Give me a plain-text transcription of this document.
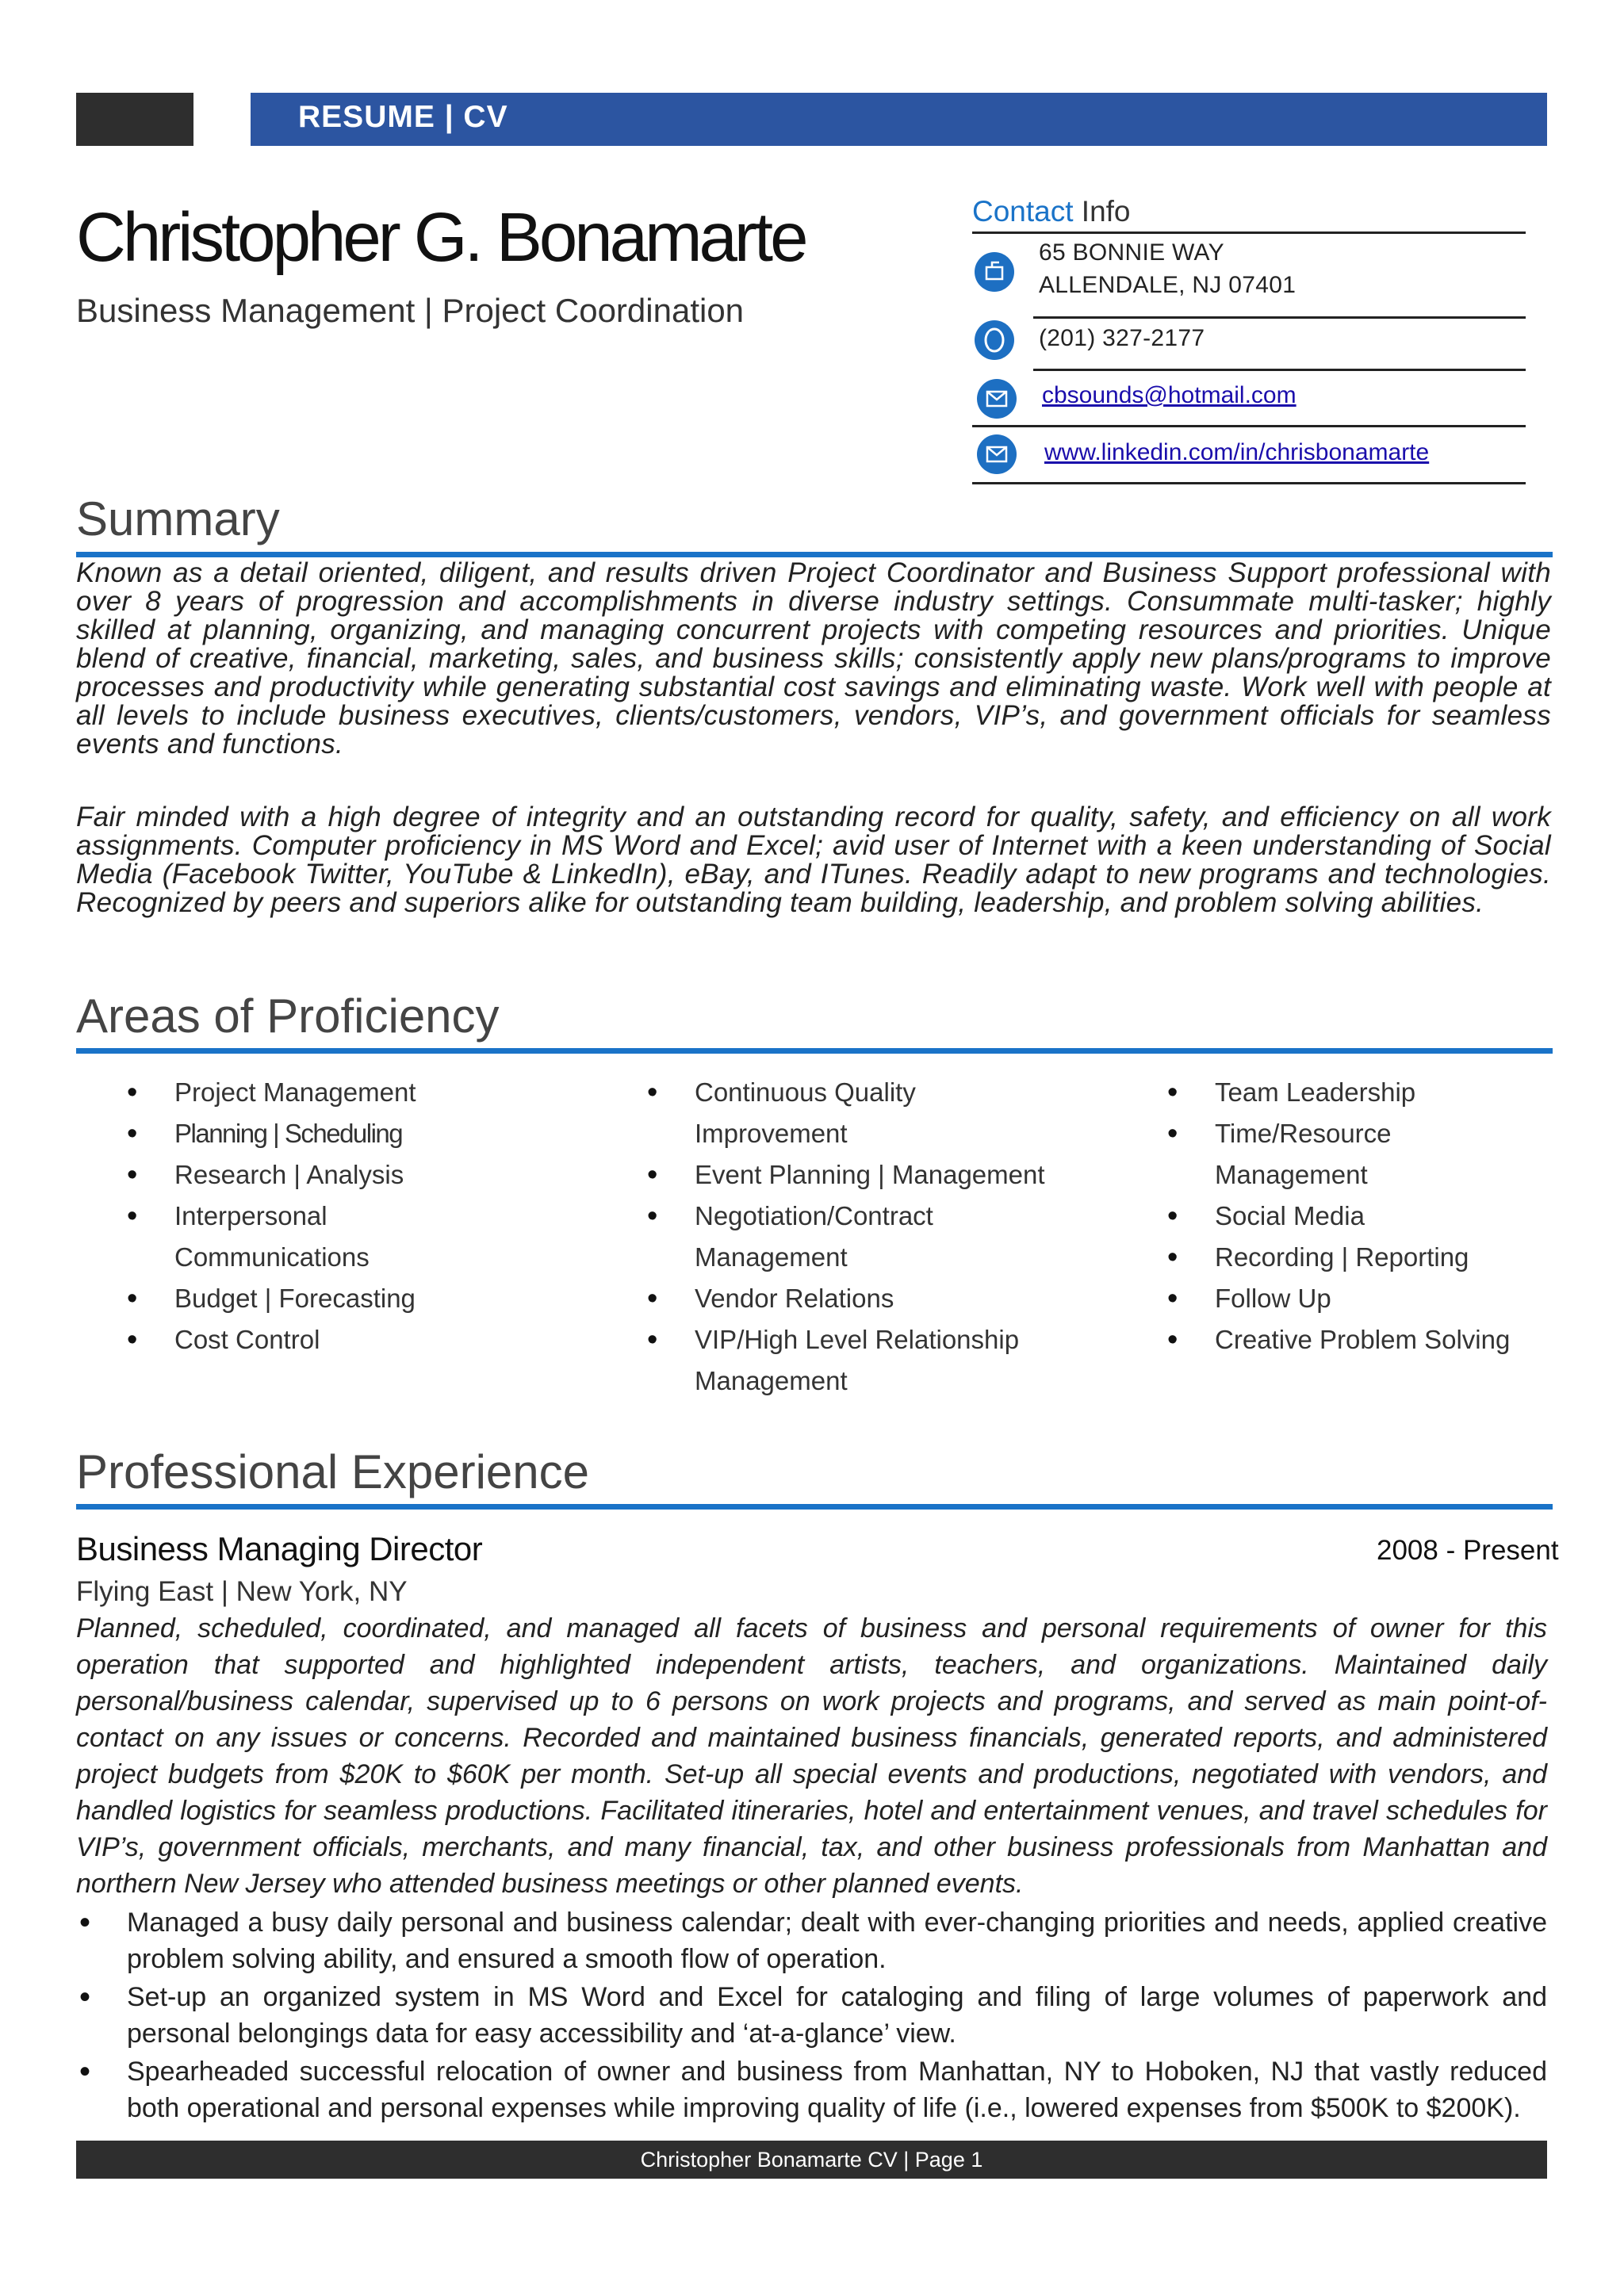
RESUME | CV
Christopher G. Bonamarte
Business Management | Project Coordination
Contact Info
65 BONNIE WAY
ALLENDALE, NJ 07401
(201) 327-2177
cbsounds@hotmail.com
www.linkedin.com/in/chrisbonamarte
Summary

Known as a detail oriented, diligent, and results driven Project Coordinator and Business Support professional with over 8 years of progression and accomplishments in diverse industry settings. Consummate multi-tasker; highly skilled at planning, organizing, and managing concurrent projects with competing resources and priorities. Unique blend of creative, financial, marketing, sales, and business skills; consistently apply new plans/programs to improve processes and productivity while generating substantial cost savings and eliminating waste. Work well with people at all levels to include business executives, clients/customers, vendors, VIP’s, and government officials for seamless events and functions.

Fair minded with a high degree of integrity and an outstanding record for quality, safety, and efficiency on all work assignments. Computer proficiency in MS Word and Excel; avid user of Internet with a keen understanding of Social Media (Facebook Twitter, YouTube & LinkedIn), eBay, and ITunes. Readily adapt to new programs and technologies. Recognized by peers and superiors alike for outstanding team building, leadership, and problem solving abilities.

Areas of Proficiency
• Project Management
• Planning | Scheduling
• Research | Analysis
• Interpersonal Communications
• Budget | Forecasting
• Cost Control
• Continuous Quality Improvement
• Event Planning | Management
• Negotiation/Contract Management
• Vendor Relations
• VIP/High Level Relationship Management
• Team Leadership
• Time/Resource Management
• Social Media
• Recording | Reporting
• Follow Up
• Creative Problem Solving
Professional Experience
Business Managing Director	2008 - Present
Flying East | New York, NY

Planned, scheduled, coordinated, and managed all facets of business and personal requirements of owner for this operation that supported and highlighted independent artists, teachers, and organizations. Maintained daily personal/business calendar, supervised up to 6 persons on work projects and programs, and served as main point-of-contact on any issues or concerns. Recorded and maintained business financials, generated reports, and administered project budgets from $20K to $60K per month. Set-up all special events and productions, negotiated with vendors, and handled logistics for seamless productions. Facilitated itineraries, hotel and entertainment venues, and travel schedules for VIP’s, government officials, merchants, and many financial, tax, and other business professionals from Manhattan and northern New Jersey who attended business meetings or other planned events.

• Managed a busy daily personal and business calendar; dealt with ever-changing priorities and needs, applied creative problem solving ability, and ensured a smooth flow of operation.
• Set-up an organized system in MS Word and Excel for cataloging and filing of large volumes of paperwork and personal belongings data for easy accessibility and ‘at-a-glance’ view.
• Spearheaded successful relocation of owner and business from Manhattan, NY to Hoboken, NJ that vastly reduced both operational and personal expenses while improving quality of life (i.e., lowered expenses from $500K to $200K).
Christopher Bonamarte CV | Page 1
